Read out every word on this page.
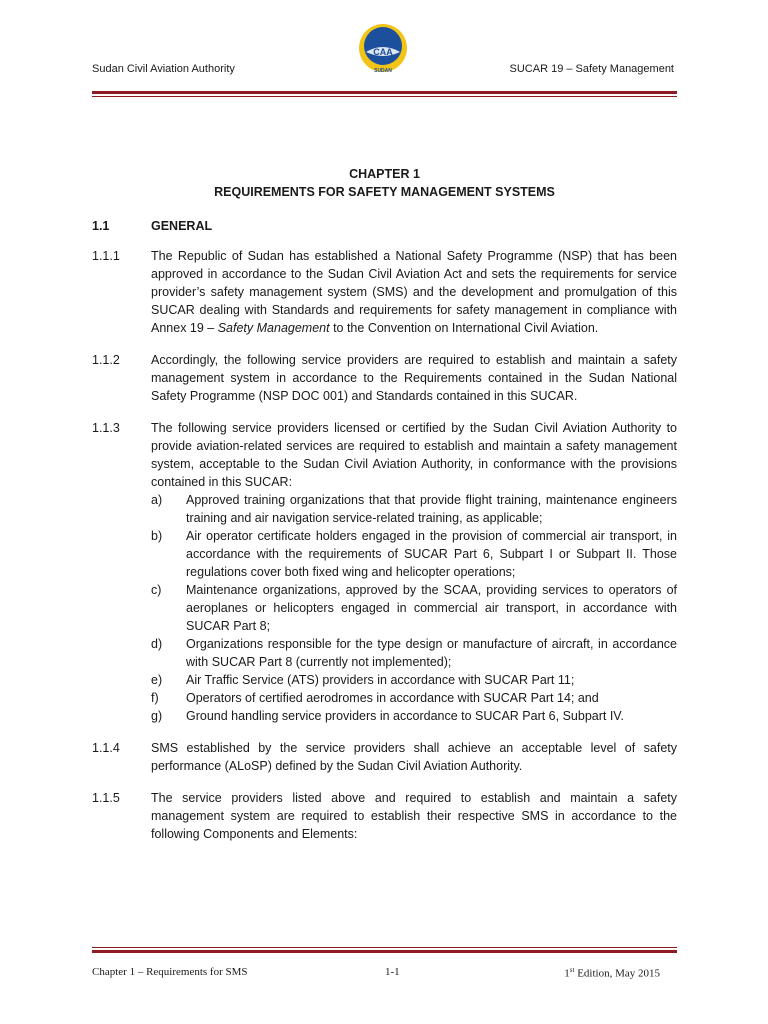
Sudan Civil Aviation Authority
CAA
SUDAN	SUCAR 19 – Safety Management
CHAPTER 1
REQUIREMENTS FOR SAFETY MANAGEMENT SYSTEMS
1.1	GENERAL
1.1.1	The Republic of Sudan has established a National Safety Programme (NSP) that has been approved in accordance to the Sudan Civil Aviation Act and sets the requirements for service provider’s safety management system (SMS) and the development and promulgation of this SUCAR dealing with Standards and requirements for safety management in compliance with Annex 19 – Safety Management to the Convention on International Civil Aviation.

1.1.2	Accordingly, the following service providers are required to establish and maintain a safety management system in accordance to the Requirements contained in the Sudan National Safety Programme (NSP DOC 001) and Standards contained in this SUCAR.

1.1.3	The following service providers licensed or certified by the Sudan Civil Aviation Authority to provide aviation-related services are required to establish and maintain a safety management system, acceptable to the Sudan Civil Aviation Authority, in conformance with the provisions contained in this SUCAR:

a)	Approved training organizations that that provide flight training, maintenance engineers training and air navigation service-related training, as applicable;
b)	Air operator certificate holders engaged in the provision of commercial air transport, in accordance with the requirements of SUCAR Part 6, Subpart I or Subpart II. Those regulations cover both fixed wing and helicopter operations;
c)	Maintenance organizations, approved by the SCAA, providing services to operators of aeroplanes or helicopters engaged in commercial air transport, in accordance with SUCAR Part 8;
d)	Organizations responsible for the type design or manufacture of aircraft, in accordance with SUCAR Part 8 (currently not implemented);
e)	Air Traffic Service (ATS) providers in accordance with SUCAR Part 11;
f)	Operators of certified aerodromes in accordance with SUCAR Part 14; and
g)	Ground handling service providers in accordance to SUCAR Part 6, Subpart IV.
1.1.4	SMS established by the service providers shall achieve an acceptable level of safety performance (ALoSP) defined by the Sudan Civil Aviation Authority.

1.1.5	The service providers listed above and required to establish and maintain a safety management system are required to establish their respective SMS in accordance to the following Components and Elements:

Chapter 1 – Requirements for SMS	1-1	1st Edition, May 2015
